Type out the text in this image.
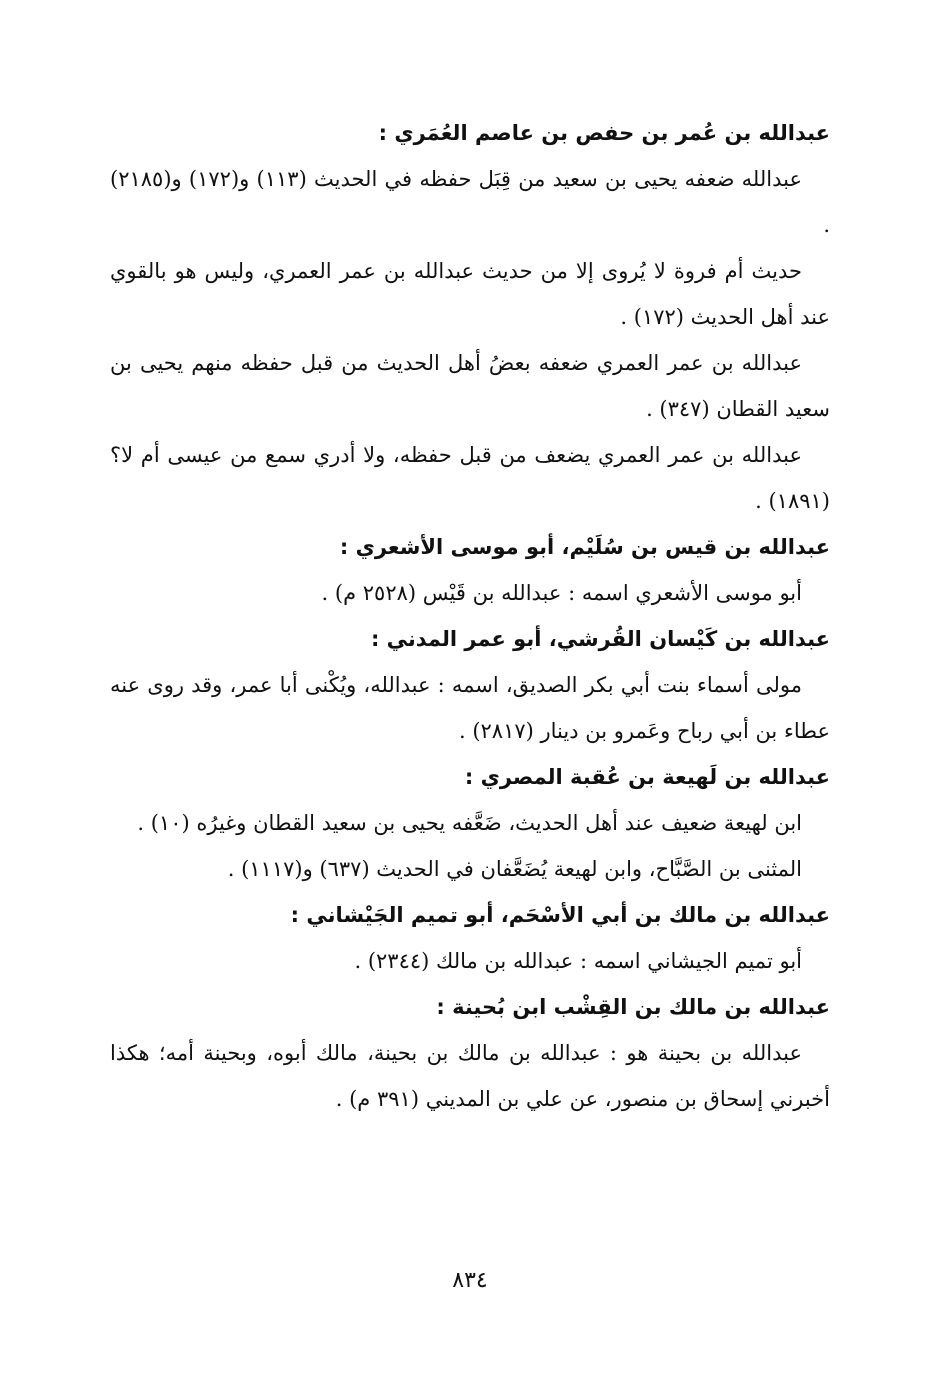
عبدالله بن عُمر بن حفص بن عاصم العُمَري :

عبدالله ضعفه يحيى بن سعيد من قِبَل حفظه في الحديث (١١٣) و(١٧٢) و(٢١٨٥) .

حديث أم فروة لا يُروى إلا من حديث عبدالله بن عمر العمري، وليس هو بالقوي عند أهل الحديث (١٧٢) .

عبدالله بن عمر العمري ضعفه بعضُ أهل الحديث من قبل حفظه منهم يحيى بن سعيد القطان (٣٤٧) .

عبدالله بن عمر العمري يضعف من قبل حفظه، ولا أدري سمع من عيسى أم لا؟ (١٨٩١) .

عبدالله بن قيس بن سُلَيْم، أبو موسى الأشعري :

أبو موسى الأشعري اسمه : عبدالله بن قَيْس (٢٥٢٨ م) .

عبدالله بن كَيْسان القُرشي، أبو عمر المدني :

مولى أسماء بنت أبي بكر الصديق، اسمه : عبدالله، ويُكْنى أبا عمر، وقد روى عنه عطاء بن أبي رباح وعَمرو بن دينار (٢٨١٧) .

عبدالله بن لَهيعة بن عُقبة المصري :

ابن لهيعة ضعيف عند أهل الحديث، ضَعَّفه يحيى بن سعيد القطان وغيرُه (١٠) .

المثنى بن الصَّبَّاح، وابن لهيعة يُضَعَّفان في الحديث (٦٣٧) و(١١١٧) .

عبدالله بن مالك بن أبي الأسْحَم، أبو تميم الجَيْشاني :

أبو تميم الجيشاني اسمه : عبدالله بن مالك (٢٣٤٤) .

عبدالله بن مالك بن القِشْب ابن بُحينة :

عبدالله بن بحينة هو : عبدالله بن مالك بن بحينة، مالك أبوه، وبحينة أمه؛ هكذا أخبرني إسحاق بن منصور، عن علي بن المديني (٣٩١ م) .

٨٣٤
